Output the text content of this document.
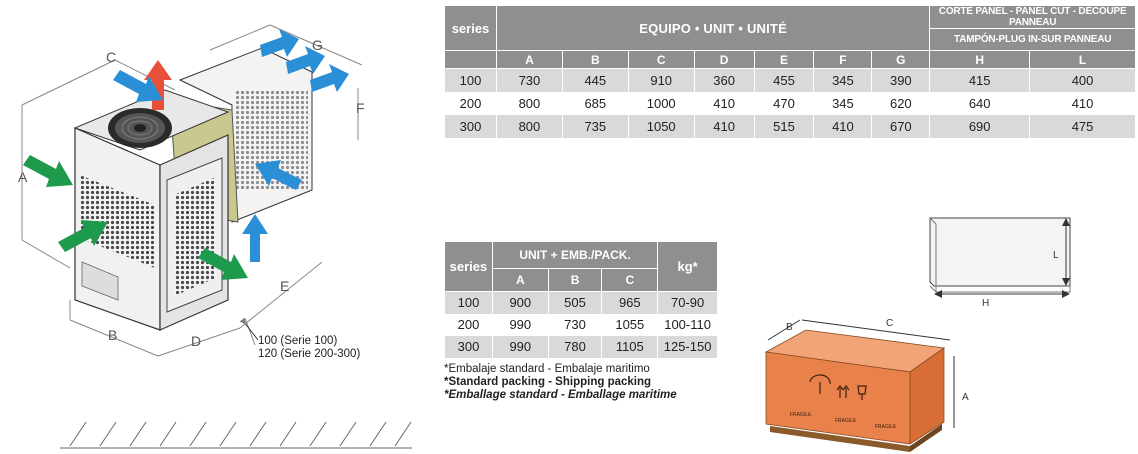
C
G
F
A
E
B	D	100 (Serie 100)
120 (Serie 200-300)
series	EQUIPO • UNIT • UNITÉ							CORTE PANEL - PANEL CUT - DÉCOUPE PANNEAU	
								TAMPÓN-PLUG IN-SUR PANNEAU	
	A	B	C	D	E	F	G	H	L
100	730	445	910	360	455	345	390	415	400
200	800	685	1000	410	470	345	620	640	410
300	800	735	1050	410	515	410	670	690	475
series	UNIT + EMB./PACK.			kg*
	A	B	C	
100	900	505	965	70-90
200	990	730	1055	100-110
300	990	780	1105	125-150
*Embalaje standard - Embalaje maritimo
*Standard packing - Shipping packing
*Emballage standard - Emballage maritime
L
H
B	C
A
FRAGILE
FRAGILE
FRAGILE
